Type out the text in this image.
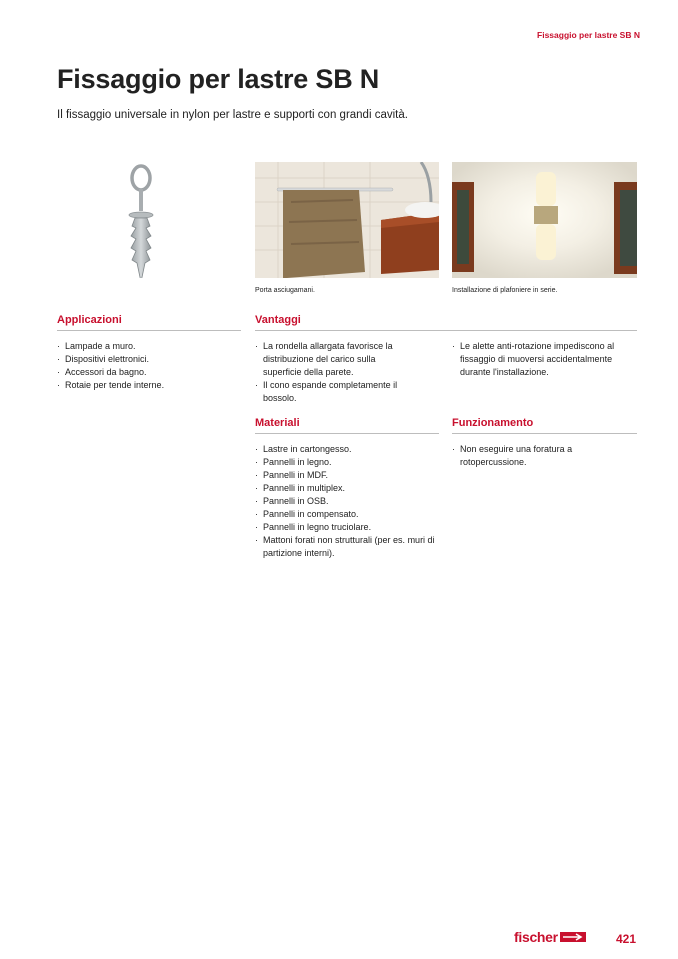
Fissaggio per lastre SB N
Fissaggio per lastre SB N
Il fissaggio universale in nylon per lastre e supporti con grandi cavità.
Porta asciugamani.	Installazione di plafoniere in serie.
Applicazioni
· Lampade a muro.
· Dispositivi elettronici.
· Accessori da bagno.
· Rotaie per tende interne.
Vantaggi
· La rondella allargata favorisce la distribuzione del carico sulla superficie della parete.
· Il cono espande completamente il bossolo.
· Le alette anti-rotazione impediscono al fissaggio di muoversi accidentalmente durante l'installazione.
Materiali
· Lastre in cartongesso.
· Pannelli in legno.
· Pannelli in MDF.
· Pannelli in multiplex.
· Pannelli in OSB.
· Pannelli in compensato.
· Pannelli in legno truciolare.
· Mattoni forati non strutturali (per es. muri di partizione interni).
Funzionamento
· Non eseguire una foratura a rotopercussione.
fischer	421
